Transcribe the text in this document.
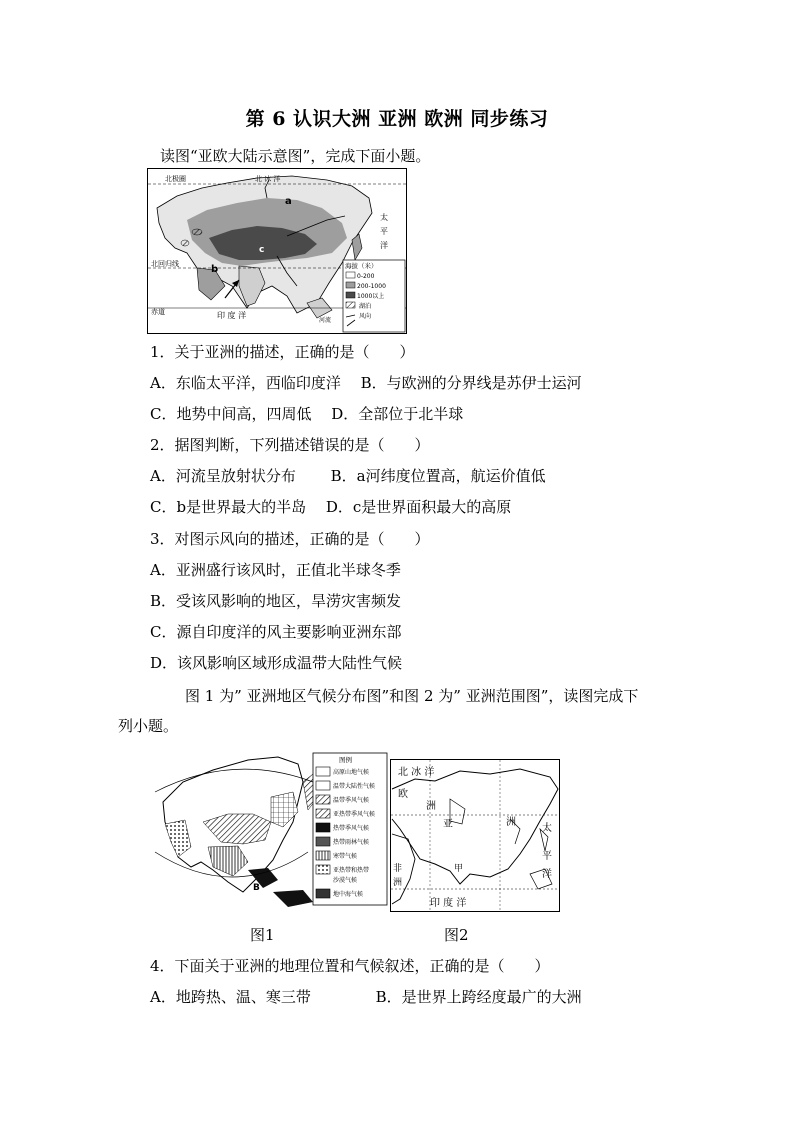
第 6 认识大洲 亚洲 欧洲 同步练习
读图“亚欧大陆示意图”，完成下面小题。
北极圈
北回归线
赤道
北 冰 洋
太
平
洋
印 度 洋
a
b
c
海拔（米）
0-200
200-1000
1000以上
湖泊
河流
风向
1．关于亚洲的描述，正确的是（　　）
A．东临太平洋，西临印度洋　 B．与欧洲的分界线是苏伊士运河
C．地势中间高，四周低　 D．全部位于北半球
2．据图判断，下列描述错误的是（　　）
A．河流呈放射状分布　　 B．a河纬度位置高，航运价值低
C．b是世界最大的半岛　 D．c是世界面积最大的高原
3．对图示风向的描述，正确的是（　　）
A．亚洲盛行该风时，正值北半球冬季
B．受该风影响的地区，旱涝灾害频发
C．源自印度洋的风主要影响亚洲东部
D．该风影响区域形成温带大陆性气候
图 1 为” 亚洲地区气候分布图”和图 2 为” 亚洲范围图”，读图完成下
列小题。
B
图例
高原山地气候
温带大陆性气候
温带季风气候
亚热带季风气候
热带季风气候
热带雨林气候
寒带气候
亚热带和热带
沙漠气候
地中海气候
北 冰 洋
欧
洲
亚	洲
太
平
洋
非
洲
甲
印 度 洋
图1	图2
4．下面关于亚洲的地理位置和气候叙述，正确的是（　　）
A．地跨热、温、寒三带　　　　 B．是世界上跨经度最广的大洲
